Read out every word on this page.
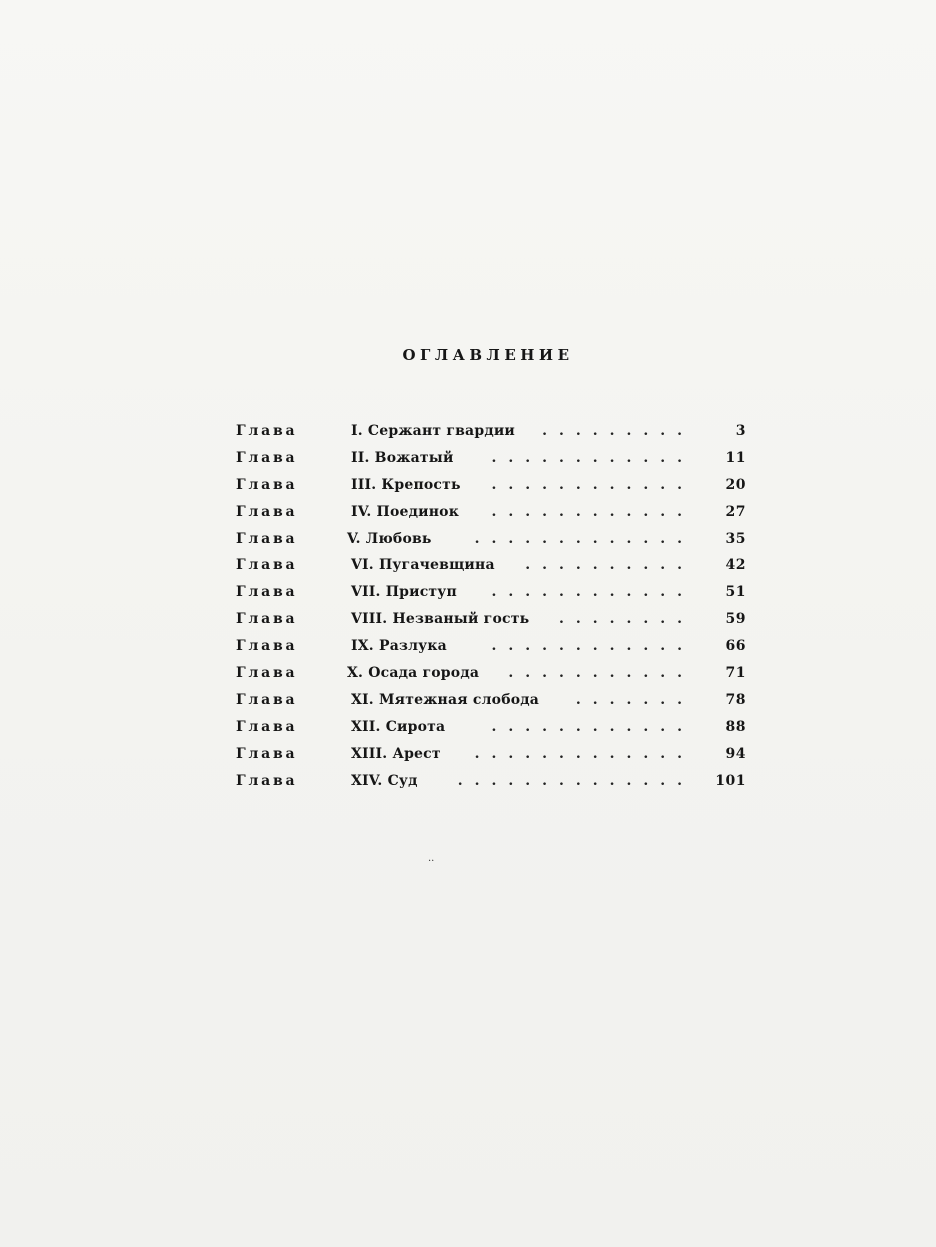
ОГЛАВЛЕНИЕ
Глава	I. Сержант гвардии .........	3
Глава	II. Вожатый	............	11
Глава	III. Крепость ............	20
Глава	IV. Поединок ............	27
Глава	V. Любовь	.............	35
Глава	VI. Пугачевщина ..........	42
Глава	VII. Приступ ............	51
Глава	VIII. Незваный гость ........	59
Глава	IX. Разлука	............	66
Глава	X. Осада города ...........	71
Глава	XI. Мятежная слобода	.......	78
Глава	XII. Сирота	............	88
Глава	XIII. Арест .............	94
Глава	XIV. Суд	..............	101
..
